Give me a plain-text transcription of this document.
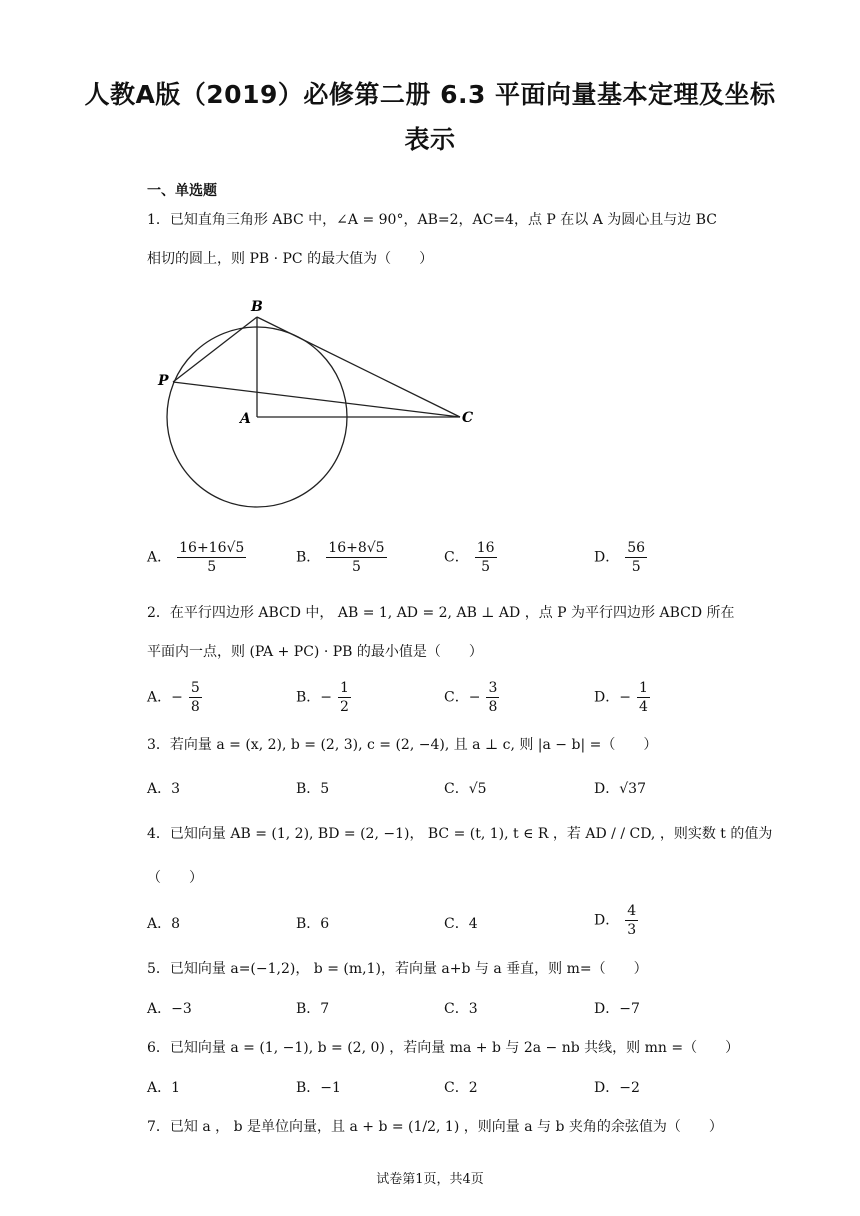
人教A版（2019）必修第二册 6.3 平面向量基本定理及坐标
表示
一、单选题
1．已知直角三角形 ABC 中，∠A = 90°，AB=2，AC=4，点 P 在以 A 为圆心且与边 BC
相切的圆上，则 PB · PC 的最大值为（　　）
B
P
A	C
A． $\frac{16+16√5}{5}$	B． $\frac{16+8√5}{5}$	C． $\frac{16}{5}$	D． $\frac{56}{5}$
2．在平行四边形 ABCD 中， AB = 1, AD = 2, AB ⊥ AD ，点 P 为平行四边形 ABCD 所在
平面内一点，则 (PA + PC) · PB 的最小值是（　　）
A．− $\frac{5}{8}$	B．− $\frac{1}{2}$	C．− $\frac{3}{8}$	D．− $\frac{1}{4}$
3．若向量 a = (x, 2), b = (2, 3), c = (2, −4), 且 a ⊥ c, 则 |a − b| =（　　）
A．3	B．5	C．√5	D．√37
4．已知向量 AB = (1, 2), BD = (2, −1)， BC = (t, 1), t ∈ R ，若 AD / / CD, ，则实数 t 的值为
（　　）
A．8	B．6	C．4	D． $\frac{4}{3}$
5．已知向量 a=(−1,2)， b = (m,1)，若向量 a+b 与 a 垂直，则 m=（　　）
A．−3	B．7	C．3	D．−7
6．已知向量 a = (1, −1), b = (2, 0) ，若向量 ma + b 与 2a − nb 共线，则 mn =（　　）
A．1	B．−1	C．2	D．−2
7．已知 a ， b 是单位向量，且 a + b = (1/2, 1) ，则向量 a 与 b 夹角的余弦值为（　　）
试卷第1页，共4页
